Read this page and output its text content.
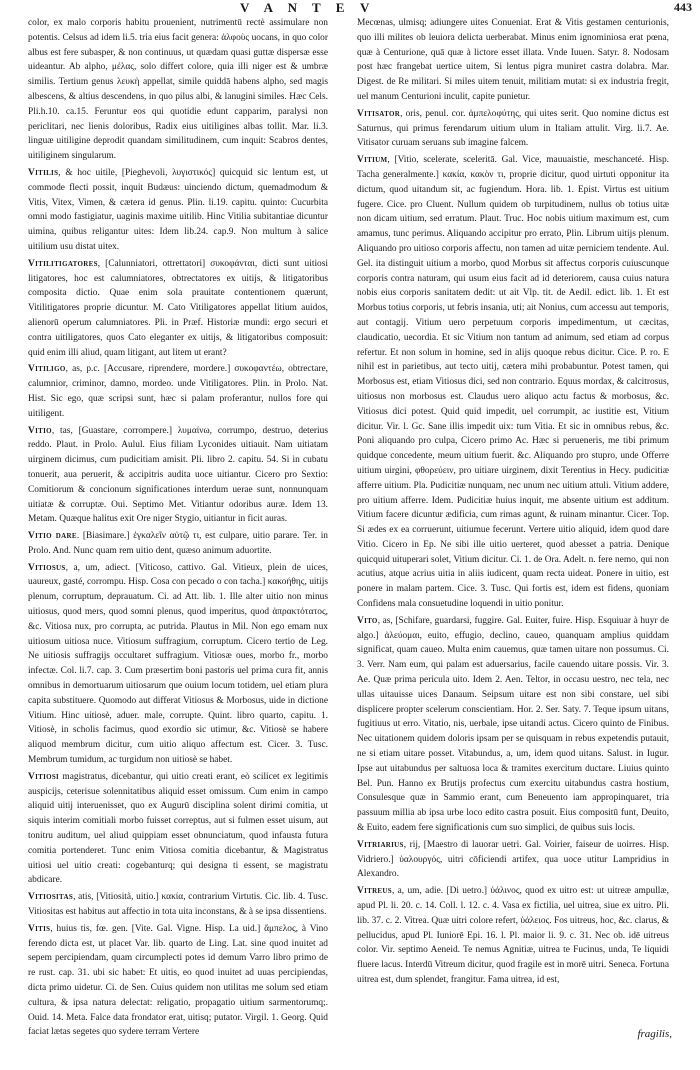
V A N T E V	443

color, ex malo corporis habitu prouenient, nutrimentū rectè assimulare non potentis. Celsus ad idem li.5. tria eius facit genera: ἀλφοὺς uocans, in quo color albus est fere subasper, & non continuus, ut quædam quasi guttæ dispersæ esse uideantur. Ab alpho, μέλας, solo differt colore, quia illi niger est & umbræ similis. Tertium genus λευκὴ appellat, simile quiddā habens alpho, sed magis albescens, & altius descendens, in quo pilus albi, & lanugini similes. Hæc Cels. Pli.h.10. ca.15. Feruntur eos qui quotidie edunt capparim, paralysi non periclitari, nec lienis doloribus, Radix eius uitiligines albas tollit. Mar. li.3. linguæ uitiligine deprodit quandam similitudinem, cum inquit: Scabros dentes, uitiliginem singularum.

Vitilis, & hoc uitile, [Pieghevoli, λυγιστικός] quicquid sic lentum est, ut commode flecti possit, inquit Budæus: uinciendo dictum, quemadmodum & Vitis, Vitex, Vimen, & cætera id genus. Plin. li.19. capitu. quinto: Cucurbita omni modo fastigiatur, uaginis maxime uitilib. Hinc Vitilia subitantiae dicuntur uimina, quibus religantur uites: Idem lib.24. cap.9. Non multum à salice uitilium usu distat uitex.

Vitilitigatores, [Calunniatori, ottrettatori] συκοφάνται, dicti sunt uitiosi litigatores, hoc est calumniatores, obtrectatores ex uitijs, & litigatoribus composita dictio. Quae enim sola prauitate contentionem quærunt, Vitilitigatores proprie dicuntur. M. Cato Vitiligatores appellat litium auidos, alienorū operum calumniatores. Pli. in Præf. Historiæ mundi: ergo securi et contra uitiligatores, quos Cato eleganter ex uitijs, & litigatoribus composuit: quid enim illi aliud, quam litigant, aut litem ut erant?

Vitiligo, as, p.c. [Accusare, riprendere, mordere.] συκοφαντέω, obtrectare, calumnior, criminor, damno, mordeo. unde Vitiligatores. Plin. in Prolo. Nat. Hist. Sic ego, quæ scripsi sunt, hæc si palam proferantur, nullos fore qui uitiligent.

Vitio, tas, [Guastare, corrompere.] λυμαίνω, corrumpo, destruo, deterius reddo. Plaut. in Prolo. Aulul. Eius filiam Lyconides uitiauit. Nam uitiatam uirginem dicimus, cum pudicitiam amisit. Pli. libro 2. capitu. 54. Si in cubatu tonuerit, aua peruerit, & accipitris audita uoce uitiantur. Cicero pro Sextio: Comitiorum & concionum significationes interdum uerae sunt, nonnunquam uitiatæ & corruptæ. Oui. Septimo Met. Vitiantur odoribus auræ. Idem 13. Metam. Quæque halitus exit Ore niger Stygio, uitiantur in ficit auras.

Vitio dare. [Biasimare.] ἐγκαλεῖν αὐτῷ τι, est culpare, uitio parare. Ter. in Prolo. And. Nunc quam rem uitio dent, quæso animum aduortite.

Vitiosus, a, um, adiect. [Viticoso, cattivo. Gal. Vitieux, plein de uices, uaureux, gasté, corrompu. Hisp. Cosa con pecado o con tacha.] κακοήθης, uitijs plenum, corruptum, deprauatum. Ci. ad Att. lib. 1. Ille alter uitio non minus uitiosus, quod mers, quod somni plenus, quod imperitus, quod ἀπρακτότατος, &c. Vitiosa nux, pro corrupta, ac putrida. Plautus in Mil. Non ego emam nux uitiosum uitiosa nuce. Vitiosum suffragium, corruptum. Cicero tertio de Leg. Ne uitiosis suffragijs occultaret suffragium. Vitiosæ oues, morbo fr., morbo infectæ. Col. li.7. cap. 3. Cum præsertim boni pastoris uel prima cura fit, annis omnibus in demortuarum uitiosarum que ouium locum totidem, uel etiam plura capita substituere. Quomodo aut differat Vitiosus & Morbosus, uide in dictione Vitium. Hinc uitiosè, aduer. male, corrupte. Quint. libro quarto, capitu. 1. Vitiosè, in scholis facimus, quod exordio sic utimur, &c. Vitiosè se habere aliquod membrum dicitur, cum uitio aliquo affectum est. Cicer. 3. Tusc. Membrum tumidum, ac turgidum non uitiosè se habet.

Vitiosi magistratus, dicebantur, qui uitio creati erant, eò scilicet ex legitimis auspicijs, ceterisue solennitatibus aliquid esset omissum. Cum enim in campo aliquid uitij interuenisset, quo ex Augurū disciplina solent dirimi comitia, ut siquis interim comitiali morbo fuisset correptus, aut si fulmen esset uisum, aut tonitru auditum, uel aliud quippiam esset obnunciatum, quod infausta futura comitia portenderet. Tunc enim Vitiosa comitia dicebantur, & Magistratus uitiosi uel uitio creati: cogebanturq; qui designa ti essent, se magistratu abdicare.

Vitiositas, atis, [Vitiosità, uitio.] κακία, contrarium Virtutis. Cic. lib. 4. Tusc. Vitiositas est habitus aut affectio in tota uita inconstans, & à se ipsa dissentiens.

Vitis, huius tis, fœ. gen. [Vite. Gal. Vigne. Hisp. La uid.] ἄμπελος, à Vino ferendo dicta est, ut placet Var. lib. quarto de Ling. Lat. sine quod inuitet ad sepem percipiendam, quam circumplecti potes id demum Varro libro primo de re rust. cap. 31. ubi sic habet: Et uitis, eo quod inuitet ad uuas percipiendas, dicta primo uidetur. Ci. de Sen. Cuius quidem non utilitas me solum sed etiam cultura, & ipsa natura delectat: religatio, propagatio uitium sarmentorumq;. Ouid. 14. Meta. Falce data frondator erat, uitisq; putator. Virgil. 1. Georg. Quid faciat lætas segetes quo sydere terram Vertere

Mecœnas, ulmisq; adiungere uites Conueniat. Erat & Vitis gestamen centurionis, quo illi milites ob leuiora delicta uerberabat. Minus enim ignominiosa erat pœna, quæ à Centurione, quā quæ à lictore esset illata. Vnde Iuuen. Satyr. 8. Nodosam post hæc frangebat uertice uitem, Si lentus pigra muniret castra dolabra. Mar. Digest. de Re militari. Si miles uitem tenuit, militiam mutat: si ex industria fregit, uel manum Centurioni inculit, capite punietur.

Vitisator, oris, penul. cor. ἀμπελοφύτης, qui uites serit. Quo nomine dictus est Saturnus, qui primus ferendarum uitium ulum in Italiam attulit. Virg. li.7. Ae. Vitisator curuam seruans sub imagine falcem.

Vitium, [Vitio, scelerate, sceleritā. Gal. Vice, mauuaistie, meschanceté. Hisp. Tacha generalmente.] κακία, κακὸν τι, proprie dicitur, quod uirtuti opponitur ita dictum, quod uitandum sit, ac fugiendum. Hora. lib. 1. Epist. Virtus est uitium fugere. Cice. pro Cluent. Nullum quidem ob turpitudinem, nullus ob totius uitæ non dicam uitium, sed erratum. Plaut. Truc. Hoc nobis uitium maximum est, cum amamus, tunc perimus. Aliquando accipitur pro errato, Plin. Librum uitijs plenum. Aliquando pro uitioso corporis affectu, non tamen ad uitæ perniciem tendente. Aul. Gel. ita distinguit uitium a morbo, quod Morbus sit affectus corporis cuiuscunque corporis contra naturam, qui usum eius facit ad id deteriorem, causa cuius natura nobis eius corporis sanitatem dedit: ut ait Vlp. tit. de Aedil. edict. lib. 1. Et est Morbus totius corporis, ut febris insania, uti; ait Nonius, cum accessu aut temporis, aut contagij. Vitium uero perpetuum corporis impedimentum, ut cæcitas, claudicatio, uecordia. Et sic Vitium non tantum ad animum, sed etiam ad corpus refertur. Et non solum in homine, sed in alijs quoque rebus dicitur. Cice. P. ro. E nihil est in parietibus, aut tecto uitij, cætera mihi probabuntur. Potest tamen, qui Morbosus est, etiam Vitiosus dici, sed non contrario. Equus mordax, & calcitrosus, uitiosus non morbosus est. Claudus uero aliquo actu factus & morbosus, &c. Vitiosus dici potest. Quid quid impedit, uel corrumpit, ac iustitie est, Vitium dicitur. Vir. l. Gc. Sane illis impedit uix: tum Vitia. Et sic in omnibus rebus, &c. Poni aliquando pro culpa, Cicero primo Ac. Hæc si perueneris, me tibi primum quidque concedente, meum uitium fuerit. &c. Aliquando pro stupro, unde Offerre uitium uirgini, φθορεύειν, pro uitiare uirginem, dixit Terentius in Hecy. pudicitiæ afferre uitium. Pla. Pudicitiæ nunquam, nec unum nec uitium attuli. Vitium addere, pro uitium afferre. Idem. Pudicitiæ huius inquit, me absente uitium est additum. Vitium facere dicuntur ædificia, cum rimas agunt, & ruinam minantur. Cicer. Top. Si ædes ex ea corruerunt, uitiumue fecerunt. Vertere uitio aliquid, idem quod dare Vitio. Cicero in Ep. Ne sibi ille uitio uerteret, quod abesset a patria. Denique quicquid uituperari solet, Vitium dicitur. Ci. 1. de Ora. Adelt. n. fere nemo, qui non acutius, atque acrius uitia in aliis iudicent, quam recta uideat. Ponere in uitio, est ponere in malam partem. Cice. 3. Tusc. Qui fortis est, idem est fidens, quoniam Confidens mala consuetudine loquendi in uitio ponitur.

Vito, as, [Schifare, guardarsi, fuggire. Gal. Euiter, fuire. Hisp. Esquiuar à huyr de algo.] ἀλεύομαι, euito, effugio, declino, caueo, quanquam amplius quiddam significat, quam caueo. Multa enim cauemus, quæ tamen uitare non possumus. Ci. 3. Verr. Nam eum, qui palam est aduersarius, facile cauendo uitare possis. Vir. 3. Ae. Quæ prima pericula uito. Idem 2. Aen. Teltor, in occasu uestro, nec tela, nec ullas uitauisse uices Danaum. Seipsum uitare est non sibi constare, uel sibi displicere propter scelerum conscientiam. Hor. 2. Ser. Saty. 7. Teque ipsum uitans, fugitiuus ut erro. Vitatio, nis, uerbale, ipse uitandi actus. Cicero quinto de Finibus. Nec uitationem quidem doloris ipsam per se quisquam in rebus expetendis putauit, ne si etiam uitare posset. Vitabundus, a, um, idem quod uitans. Salust. in Iugur. Ipse aut uitabundus per saltuosa loca & tramites exercitum ductare. Liuius quinto Bel. Pun. Hanno ex Brutijs profectus cum exercitu uitabundus castra hostium, Consulesque quæ in Sammio erant, cum Beneuento iam appropinquaret, tria passuum millia ab ipsa urbe loco edito castra posuit. Eius compositū funt, Deuito, & Euito, eadem fere significationis cum suo simplici, de quibus suis locis.

Vitriarius, rij, [Maestro di lauorar uetri. Gal. Voirier, faiseur de uoirres. Hisp. Vidriero.] ὑαλουργός, uitri cōficiendi artifex, qua uoce utitur Lampridius in Alexandro.

Vitreus, a, um, adie. [Di uetro.] ὑάλινος, quod ex uitro est: ut uitreæ ampullæ, apud Pl. li. 20. c. 14. Coll. l. 12. c. 4. Vasa ex fictilia, uel uitrea, siue ex uitro. Pli. lib. 37. c. 2. Vitrea. Quæ uitri colore refert, ὑάλειος. Fos uitreus, hoc, &c. clarus, & pellucidus, apud Pl. Iuniorē Epi. 16. l. Pl. maior li. 9. c. 31. Nec ob. idē uitreus color. Vir. septimo Aeneid. Te nemus Agnitiæ, uitrea te Fucinus, unda, Te liquidi fluere lacus. Interdū Vitreum dicitur, quod fragile est in morē uitri. Seneca. Fortuna uitrea est, dum splendet, frangitur. Fama uitrea, id est,

fragilis,
